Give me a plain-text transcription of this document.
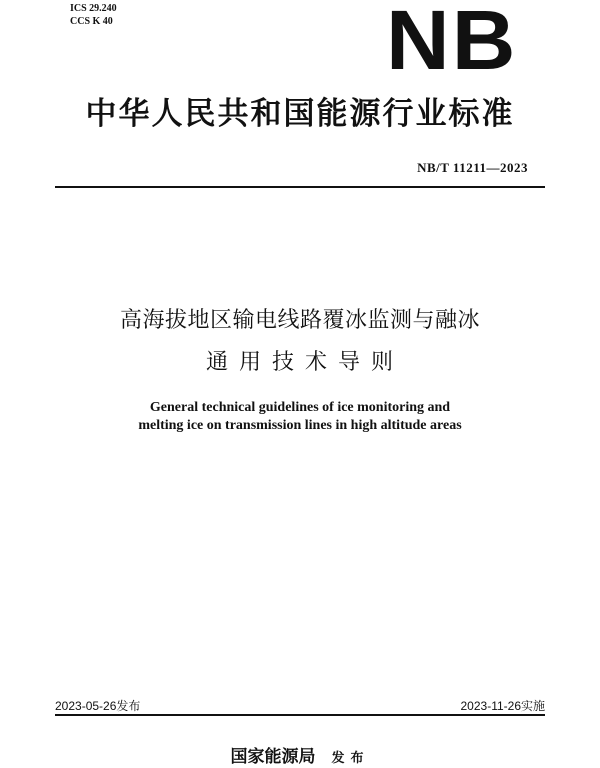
ICS 29.240
CCS K 40	NB
中华人民共和国能源行业标准
NB/T 11211—2023
高海拔地区输电线路覆冰监测与融冰
通用技术导则
General technical guidelines of ice monitoring and
melting ice on transmission lines in high altitude areas
2023-05-26发布	2023-11-26实施
国家能源局 发布
